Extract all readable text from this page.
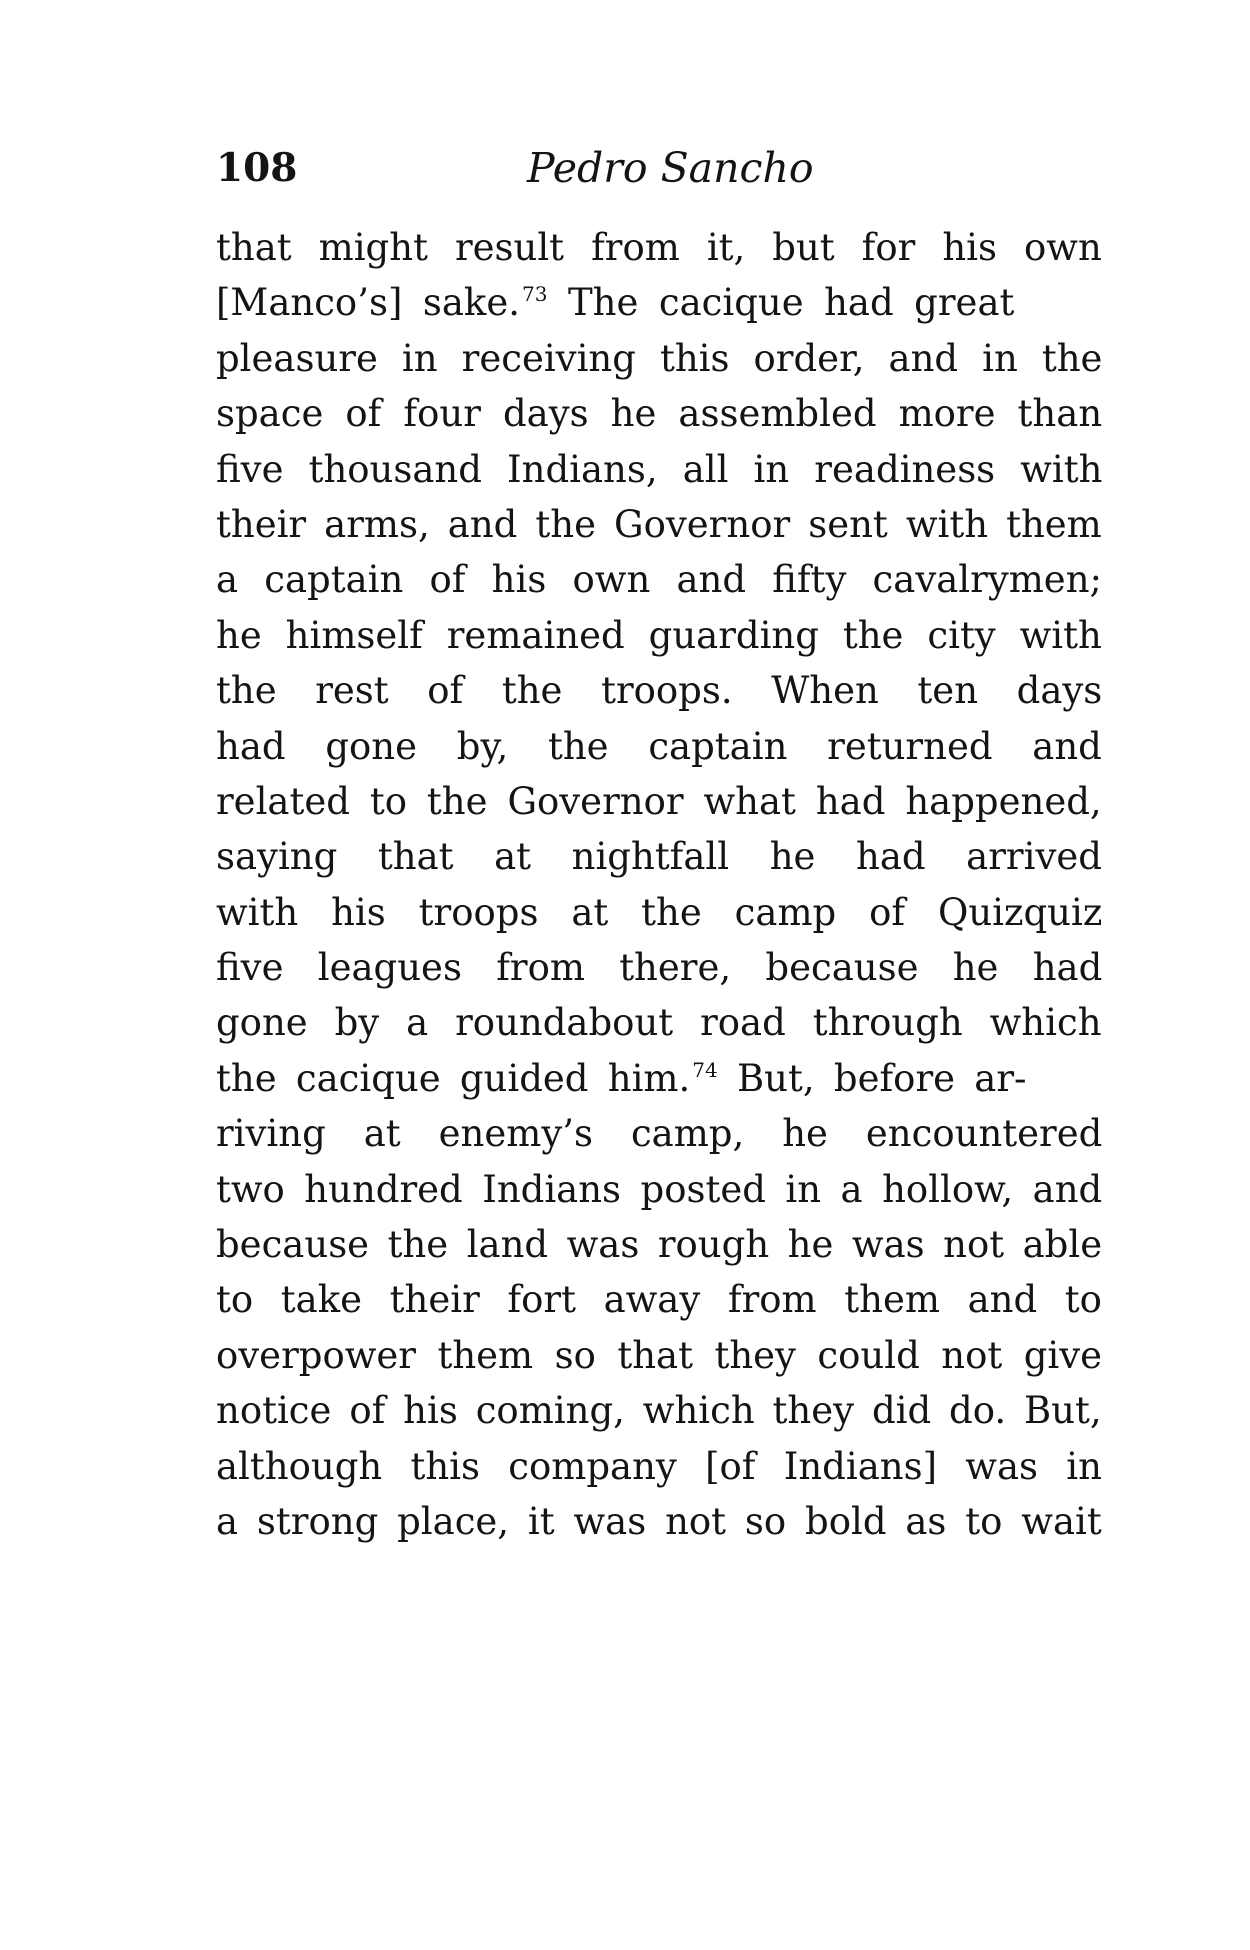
108	Pedro Sancho
that might result from it, but for his own
[Manco’s] sake. $^{73}$ The cacique had great
pleasure in receiving this order, and in the
space of four days he assembled more than
five thousand Indians, all in readiness with
their arms, and the Governor sent with them
a captain of his own and fifty cavalrymen;
he himself remained guarding the city with
the rest of the troops. When ten days
had gone by, the captain returned and
related to the Governor what had happened,
saying that at nightfall he had arrived
with his troops at the camp of Quizquiz
five leagues from there, because he had
gone by a roundabout road through which
the cacique guided him. $^{74}$ But, before ar-
riving at enemy’s camp, he encountered
two hundred Indians posted in a hollow, and
because the land was rough he was not able
to take their fort away from them and to
overpower them so that they could not give
notice of his coming, which they did do. But,
although this company [of Indians] was in
a strong place, it was not so bold as to wait
